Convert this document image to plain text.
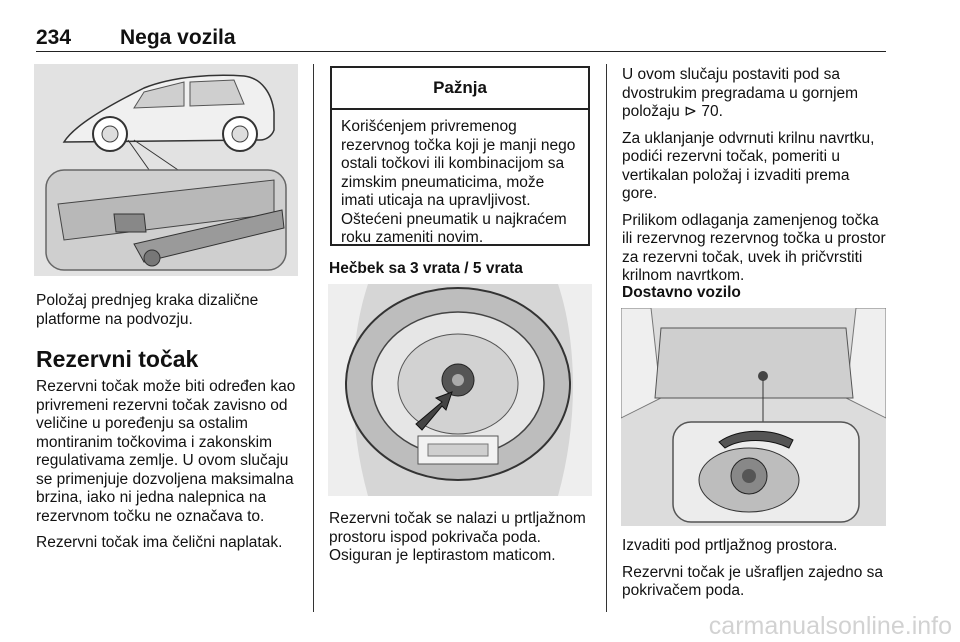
234 Nega vozila
Položaj prednjeg kraka dizalične platforme na podvozju.
Rezervni točak

Rezervni točak može biti određen kao privremeni rezervni točak zavisno od veličine u poređenju sa ostalim montiranim točkovima i zakonskim regulativama zemlje. U ovom slučaju se primenjuje dozvoljena maksimalna brzina, iako ni jedna nalepnica na rezervnom točku ne označava to.

Rezervni točak ima čelični naplatak.

Pažnja
Korišćenjem privremenog rezervnog točka koji je manji nego ostali točkovi ili kombinacijom sa zimskim pneumaticima, može imati uticaja na upravljivost. Oštećeni pneumatik u najkraćem roku zameniti novim.
Hečbek sa 3 vrata / 5 vrata
Rezervni točak se nalazi u prtljažnom prostoru ispod pokrivača poda. Osiguran je leptirastom maticom.

U ovom slučaju postaviti pod sa dvostrukim pregradama u gornjem položaju ⊳ 70.

Za uklanjanje odvrnuti krilnu navrtku, podići rezervni točak, pomeriti u vertikalan položaj i izvaditi prema gore.

Prilikom odlaganja zamenjenog točka ili rezervnog rezervnog točka u prostor za rezervni točak, uvek ih pričvrstiti krilnom navrtkom.

Dostavno vozilo

Izvaditi pod prtljažnog prostora.

Rezervni točak je ušrafljen zajedno sa pokrivačem poda.

carmanualsonline.info
